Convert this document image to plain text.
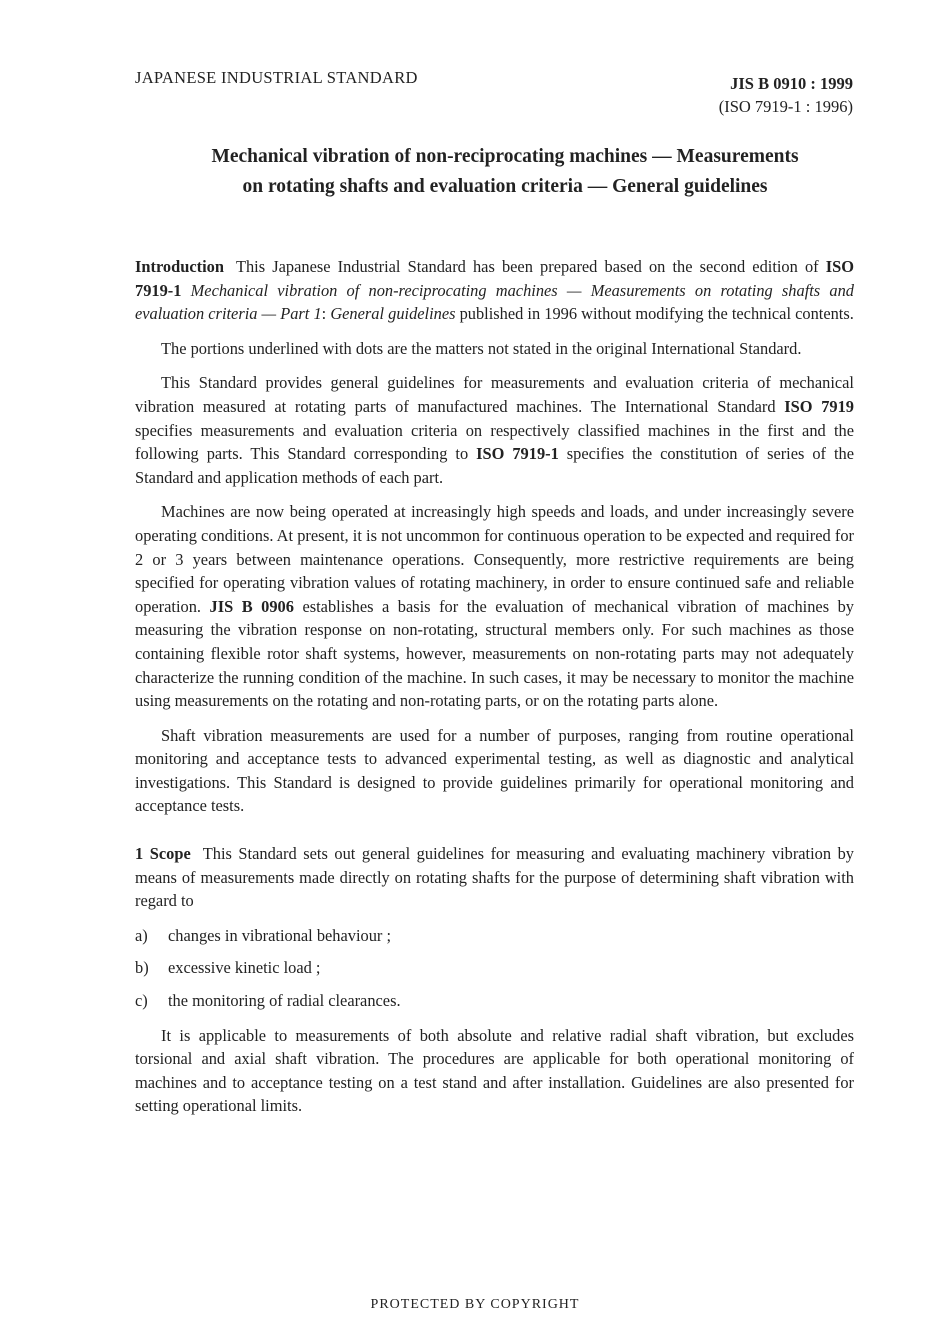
JAPANESE INDUSTRIAL STANDARD	JIS B 0910 : 1999
(ISO 7919-1 : 1996)
Mechanical vibration of non-reciprocating machines — Measurements
on rotating shafts and evaluation criteria — General guidelines

Introduction This Japanese Industrial Standard has been prepared based on the second edition of ISO 7919-1 Mechanical vibration of non-reciprocating machines — Measurements on rotating shafts and evaluation criteria — Part 1: General guidelines published in 1996 without modifying the technical contents.

The portions underlined with dots are the matters not stated in the original International Standard.

This Standard provides general guidelines for measurements and evaluation criteria of mechanical vibration measured at rotating parts of manufactured machines. The International Standard ISO 7919 specifies measurements and evaluation criteria on respectively classified machines in the first and the following parts. This Standard corresponding to ISO 7919-1 specifies the constitution of series of the Standard and application methods of each part.

Machines are now being operated at increasingly high speeds and loads, and under increasingly severe operating conditions. At present, it is not uncommon for continuous operation to be expected and required for 2 or 3 years between maintenance operations. Consequently, more restrictive requirements are being specified for operating vibration values of rotating machinery, in order to ensure continued safe and reliable operation. JIS B 0906 establishes a basis for the evaluation of mechanical vibration of machines by measuring the vibration response on non-rotating, structural members only. For such machines as those containing flexible rotor shaft systems, however, measurements on non-rotating parts may not adequately characterize the running condition of the machine. In such cases, it may be necessary to monitor the machine using measurements on the rotating and non-rotating parts, or on the rotating parts alone.

Shaft vibration measurements are used for a number of purposes, ranging from routine operational monitoring and acceptance tests to advanced experimental testing, as well as diagnostic and analytical investigations. This Standard is designed to provide guidelines primarily for operational monitoring and acceptance tests.

1 Scope This Standard sets out general guidelines for measuring and evaluating machinery vibration by means of measurements made directly on rotating shafts for the purpose of determining shaft vibration with regard to

a)	changes in vibrational behaviour ;
b)	excessive kinetic load ;
c)	the monitoring of radial clearances.

It is applicable to measurements of both absolute and relative radial shaft vibration, but excludes torsional and axial shaft vibration. The procedures are applicable for both operational monitoring of machines and to acceptance testing on a test stand and after installation. Guidelines are also presented for setting operational limits.

PROTECTED BY COPYRIGHT
